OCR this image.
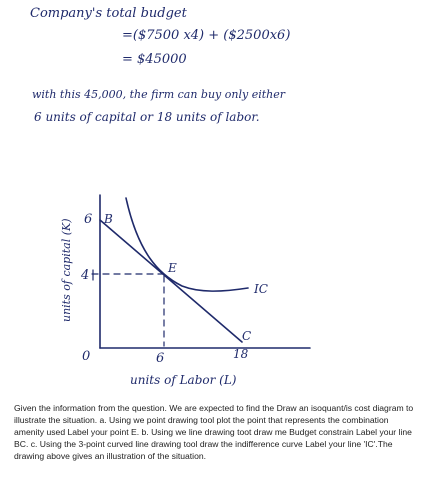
Company's total budget
=($7500 x4) + ($2500x6)
= $45000
with this 45,000, the firm can buy only either
6 units of capital or 18 units of labor.
units of capital (K)
units of Labor (L)
0
6 B
4	E
C
IC
6	18
Given the information from the question. We are expected to find the Draw an isoquant/is cost diagram to illustrate the situation. a. Using we point drawing tool plot the point that represents the combination amenity used Label your point E. b. Using we line drawing toot draw me Budget constrain Label your line BC. c. Using the 3-point curved line drawing tool draw the indifference curve Label your line 'IC'.The drawing above gives an illustration of the situation.
